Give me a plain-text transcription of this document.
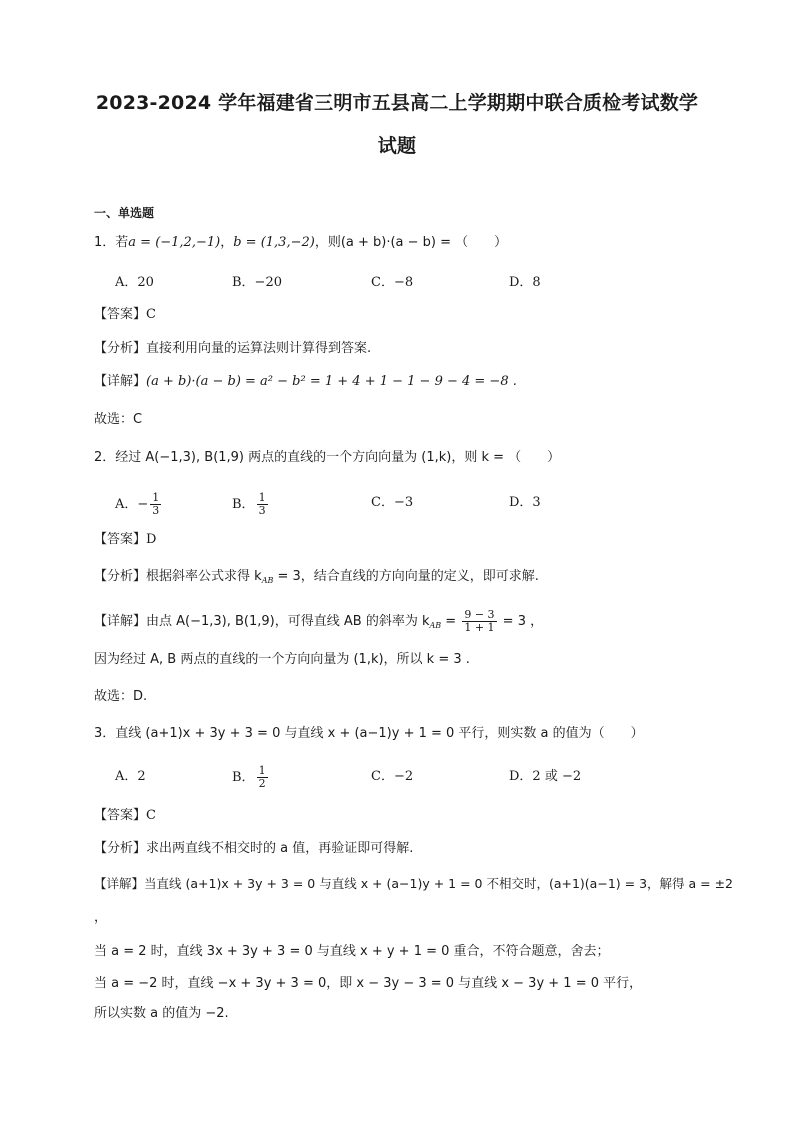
2023-2024 学年福建省三明市五县高二上学期期中联合质检考试数学
试题
一、单选题
1．若a = (−1,2,−1)，b = (1,3,−2)，则(a + b)·(a − b) = （　　）
A．20	B．−20	C．−8	D．8
【答案】C
【分析】直接利用向量的运算法则计算得到答案.
【详解】(a + b)·(a − b) = a² − b² = 1 + 4 + 1 − 1 − 9 − 4 = −8 .
故选：C
2．经过 A(−1,3), B(1,9) 两点的直线的一个方向向量为 (1,k)，则 k = （　　）
A．− $\frac{1}{3}$	B． $\frac{1}{3}$	C．−3	D．3
【答案】D
【分析】根据斜率公式求得 $k_{AB} = 3$，结合直线的方向向量的定义，即可求解.
【详解】由点 A(−1,3), B(1,9)，可得直线 AB 的斜率为 $k_{AB} = \frac{9 - 3}{1 + 1} = 3$ ，
因为经过 A, B 两点的直线的一个方向向量为 (1,k)，所以 k = 3 .
故选：D.
3．直线 (a+1)x + 3y + 3 = 0 与直线 x + (a−1)y + 1 = 0 平行，则实数 a 的值为（　　）
A．2	B． $\frac{1}{2}$	C．−2	D．2 或 −2
【答案】C
【分析】求出两直线不相交时的 a 值，再验证即可得解.
【详解】当直线 (a+1)x + 3y + 3 = 0 与直线 x + (a−1)y + 1 = 0 不相交时，(a+1)(a−1) = 3，解得 a = ±2
，
当 a = 2 时，直线 3x + 3y + 3 = 0 与直线 x + y + 1 = 0 重合，不符合题意，舍去；
当 a = −2 时，直线 −x + 3y + 3 = 0，即 x − 3y − 3 = 0 与直线 x − 3y + 1 = 0 平行，
所以实数 a 的值为 −2.
